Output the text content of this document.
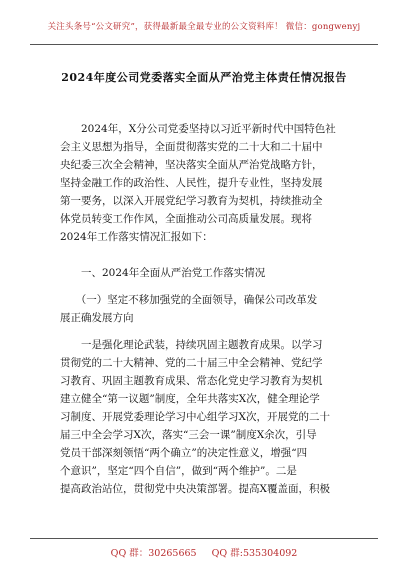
关注头条号“公文研究”，获得最新最全最专业的公文资料库！ 微信：gongwenyj
2024年度公司党委落实全面从严治党主体责任情况报告
　　2024年，X分公司党委坚持以习近平新时代中国特色社
会主义思想为指导，全面贯彻落实党的二十大和二十届中
央纪委三次全会精神，坚决落实全面从严治党战略方针，
坚持金融工作的政治性、人民性，提升专业性，坚持发展
第一要务，以深入开展党纪学习教育为契机，持续推动全
体党员转变工作作风，全面推动公司高质量发展。现将
2024年工作落实情况汇报如下：
　　一、2024年全面从严治党工作落实情况
　　（一）坚定不移加强党的全面领导，确保公司改革发
展正确发展方向
　　一是强化理论武装，持续巩固主题教育成果。以学习
贯彻党的二十大精神、党的二十届三中全会精神、党纪学
习教育、巩固主题教育成果、常态化党史学习教育为契机
建立健全“第一议题”制度，全年共落实X次，健全理论学
习制度、开展党委理论学习中心组学习X次，开展党的二十
届三中全会学习X次，落实“三会一课”制度X余次，引导
党员干部深刻领悟“两个确立”的决定性意义，增强“四
个意识”，坚定“四个自信”，做到“两个维护”。二是
提高政治站位，贯彻党中央决策部署。提高X覆盖面，积极
QQ 群：30265665 QQ 群:535304092
